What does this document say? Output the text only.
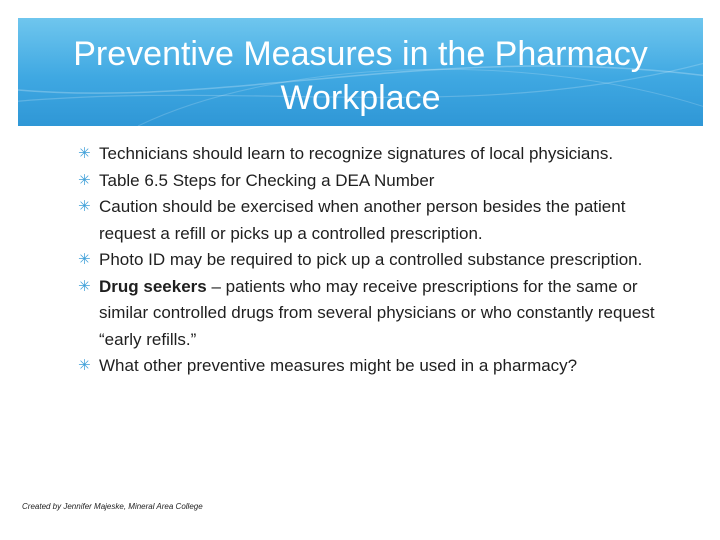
Preventive Measures in the Pharmacy
Workplace
✳ Technicians should learn to recognize signatures of local physicians.
✳ Table 6.5 Steps for Checking a DEA Number
✳ Caution should be exercised when another person besides the patient request a refill or picks up a controlled prescription.
✳ Photo ID may be required to pick up a controlled substance prescription.
✳ Drug seekers – patients who may receive prescriptions for the same or similar controlled drugs from several physicians or who constantly request “early refills.”
✳ What other preventive measures might be used in a pharmacy?
Created by Jennifer Majeske, Mineral Area College
